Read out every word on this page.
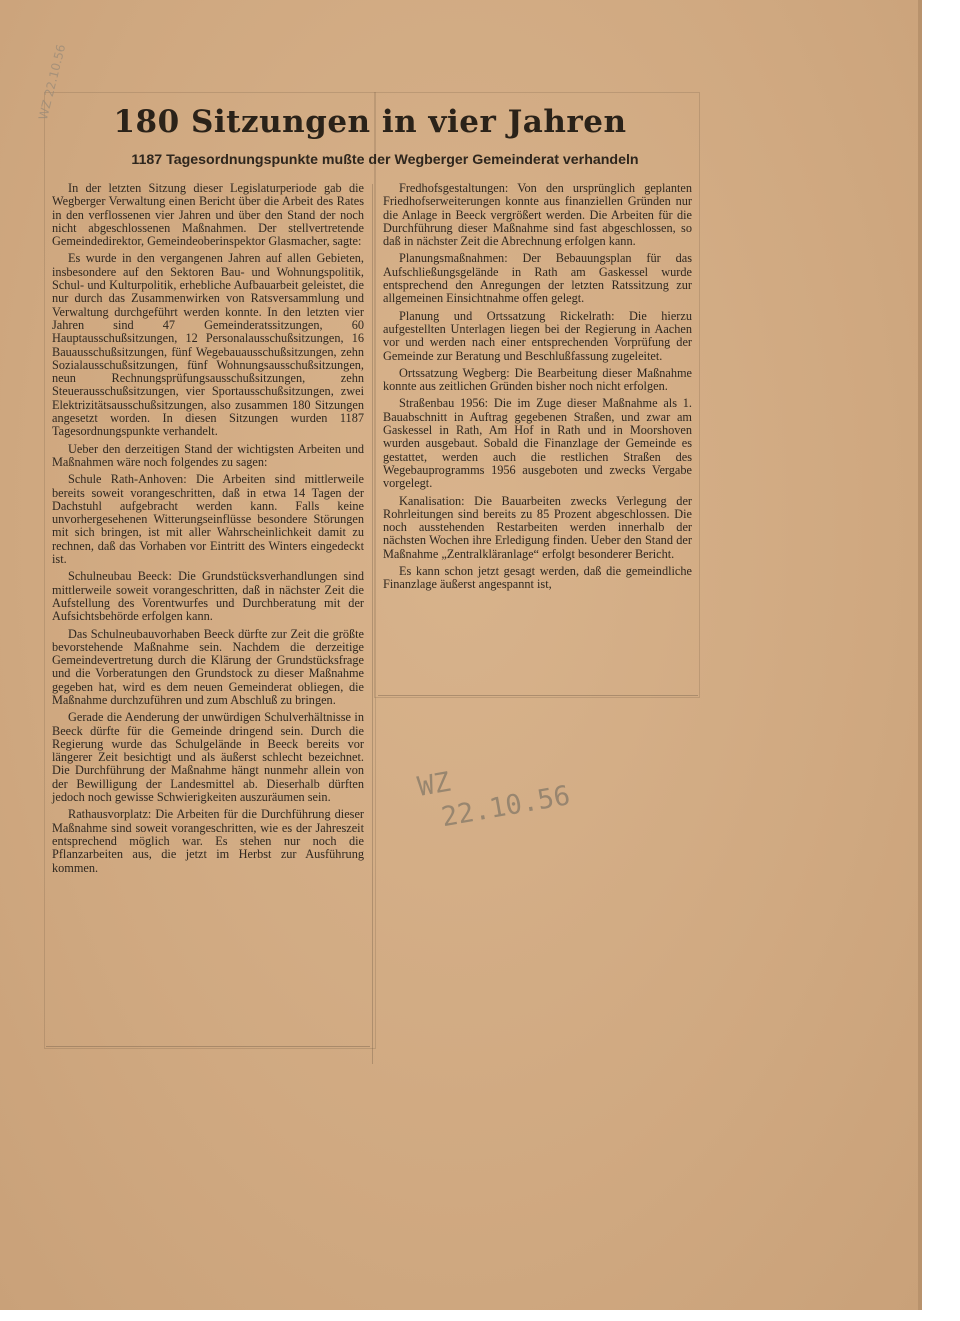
WZ 22.10.56
180 Sitzungen in vier Jahren
1187 Tagesordnungspunkte mußte der Wegberger Gemeinderat verhandeln

In der letzten Sitzung dieser Legislaturperiode gab die Wegberger Verwaltung einen Bericht über die Arbeit des Rates in den verflossenen vier Jahren und über den Stand der noch nicht abgeschlossenen Maßnahmen. Der stellvertretende Gemeindedirektor, Gemeindeoberinspektor Glasmacher, sagte:

Es wurde in den vergangenen Jahren auf allen Gebieten, insbesondere auf den Sektoren Bau- und Wohnungspolitik, Schul- und Kulturpolitik, erhebliche Aufbauarbeit geleistet, die nur durch das Zusammenwirken von Ratsversammlung und Verwaltung durchgeführt werden konnte. In den letzten vier Jahren sind 47 Gemeinderatssitzungen, 60 Hauptausschußsitzungen, 12 Personalausschußsitzungen, 16 Bauausschußsitzungen, fünf Wegebauausschußsitzungen, zehn Sozialausschußsitzungen, fünf Wohnungsausschußsitzungen, neun Rechnungsprüfungsausschußsitzungen, zehn Steuerausschußsitzungen, vier Sportausschußsitzungen, zwei Elektrizitätsausschußsitzungen, also zusammen 180 Sitzungen angesetzt worden. In diesen Sitzungen wurden 1187 Tagesordnungspunkte verhandelt.

Ueber den derzeitigen Stand der wichtigsten Arbeiten und Maßnahmen wäre noch folgendes zu sagen:

Schule Rath-Anhoven: Die Arbeiten sind mittlerweile bereits soweit vorangeschritten, daß in etwa 14 Tagen der Dachstuhl aufgebracht werden kann. Falls keine unvorhergesehenen Witterungseinflüsse besondere Störungen mit sich bringen, ist mit aller Wahrscheinlichkeit damit zu rechnen, daß das Vorhaben vor Eintritt des Winters eingedeckt ist.

Schulneubau Beeck: Die Grundstücksverhandlungen sind mittlerweile soweit vorangeschritten, daß in nächster Zeit die Aufstellung des Vorentwurfes und Durchberatung mit der Aufsichtsbehörde erfolgen kann.

Das Schulneubauvorhaben Beeck dürfte zur Zeit die größte bevorstehende Maßnahme sein. Nachdem die derzeitige Gemeindevertretung durch die Klärung der Grundstücksfrage und die Vorberatungen den Grundstock zu dieser Maßnahme gegeben hat, wird es dem neuen Gemeinderat obliegen, die Maßnahme durchzuführen und zum Abschluß zu bringen.

Gerade die Aenderung der unwürdigen Schulverhältnisse in Beeck dürfte für die Gemeinde dringend sein. Durch die Regierung wurde das Schulgelände in Beeck bereits vor längerer Zeit besichtigt und als äußerst schlecht bezeichnet. Die Durchführung der Maßnahme hängt nunmehr allein von der Bewilligung der Landesmittel ab. Dieserhalb dürften jedoch noch gewisse Schwierigkeiten auszuräumen sein.

Rathausvorplatz: Die Arbeiten für die Durchführung dieser Maßnahme sind soweit vorangeschritten, wie es der Jahreszeit entsprechend möglich war. Es stehen nur noch die Pflanzarbeiten aus, die jetzt im Herbst zur Ausführung kommen.

Fredhofsgestaltungen: Von den ursprünglich geplanten Friedhofserweiterungen konnte aus finanziellen Gründen nur die Anlage in Beeck vergrößert werden. Die Arbeiten für die Durchführung dieser Maßnahme sind fast abgeschlossen, so daß in nächster Zeit die Abrechnung erfolgen kann.

Planungsmaßnahmen: Der Bebauungsplan für das Aufschließungsgelände in Rath am Gaskessel wurde entsprechend den Anregungen der letzten Ratssitzung zur allgemeinen Einsichtnahme offen gelegt.

Planung und Ortssatzung Rickelrath: Die hierzu aufgestellten Unterlagen liegen bei der Regierung in Aachen vor und werden nach einer entsprechenden Vorprüfung der Gemeinde zur Beratung und Beschlußfassung zugeleitet.

Ortssatzung Wegberg: Die Bearbeitung dieser Maßnahme konnte aus zeitlichen Gründen bisher noch nicht erfolgen.

Straßenbau 1956: Die im Zuge dieser Maßnahme als 1. Bauabschnitt in Auftrag gegebenen Straßen, und zwar am Gaskessel in Rath, Am Hof in Rath und in Moorshoven wurden ausgebaut. Sobald die Finanzlage der Gemeinde es gestattet, werden auch die restlichen Straßen des Wegebauprogramms 1956 ausgeboten und zwecks Vergabe vorgelegt.

Kanalisation: Die Bauarbeiten zwecks Verlegung der Rohrleitungen sind bereits zu 85 Prozent abgeschlossen. Die noch ausstehenden Restarbeiten werden innerhalb der nächsten Wochen ihre Erledigung finden. Ueber den Stand der Maßnahme „Zentralkläranlage“ erfolgt besonderer Bericht.

Es kann schon jetzt gesagt werden, daß die gemeindliche Finanzlage äußerst angespannt ist,

WZ
22.10.56
